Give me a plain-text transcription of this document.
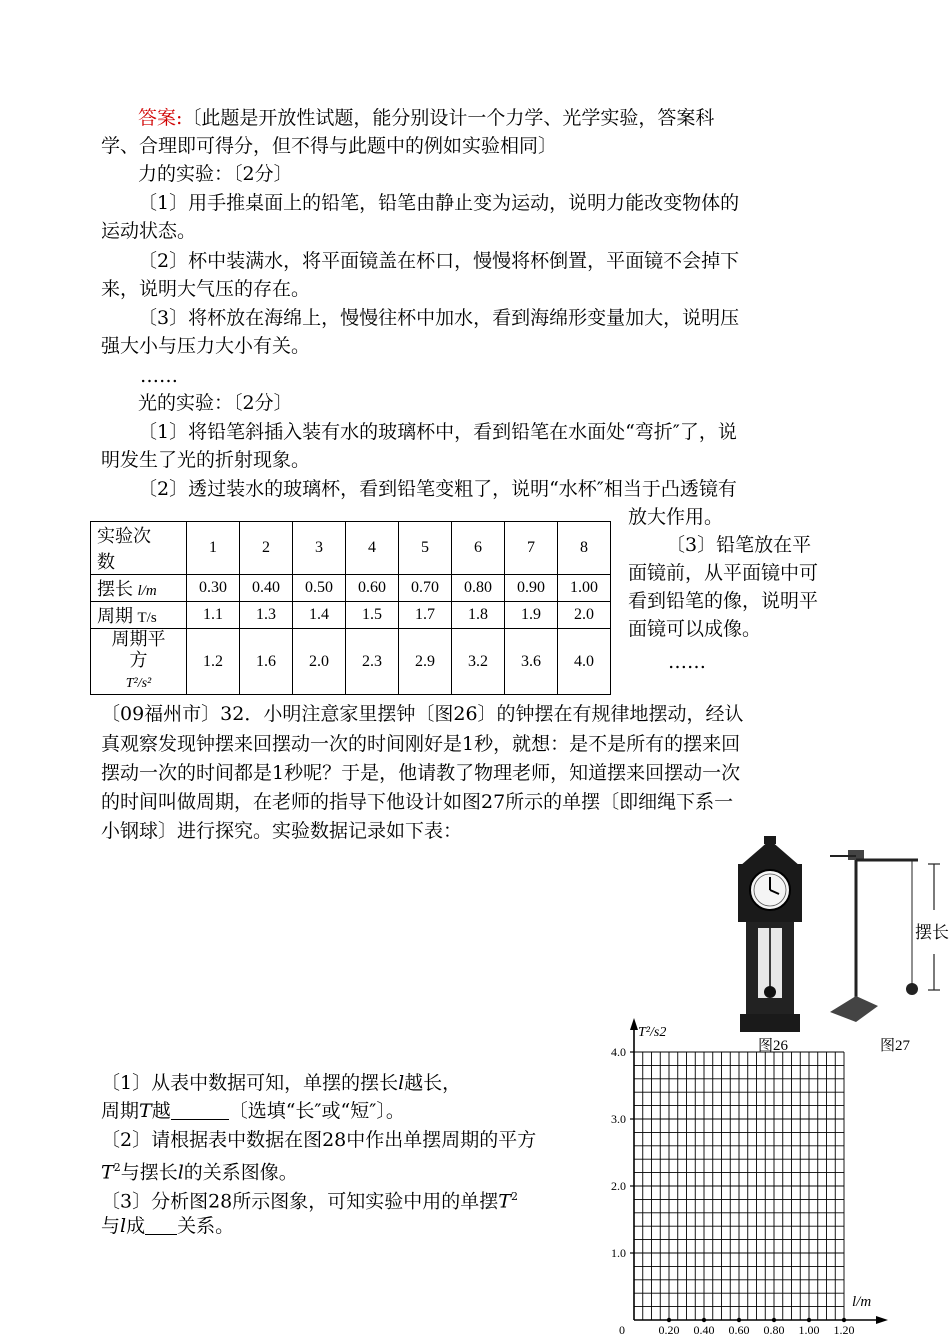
答案:〔此题是开放性试题，能分别设计一个力学、光学实验，答案科
学、合理即可得分，但不得与此题中的例如实验相同〕
力的实验：〔2分〕
〔1〕用手推桌面上的铅笔，铅笔由静止变为运动，说明力能改变物体的
运动状态。
〔2〕杯中装满水，将平面镜盖在杯口，慢慢将杯倒置，平面镜不会掉下
来，说明大气压的存在。
〔3〕将杯放在海绵上，慢慢往杯中加水，看到海绵形变量加大，说明压
强大小与压力大小有关。
……
光的实验：〔2分〕
〔1〕将铅笔斜插入装有水的玻璃杯中，看到铅笔在水面处“弯折″了，说
明发生了光的折射现象。
〔2〕透过装水的玻璃杯，看到铅笔变粗了，说明“水杯″相当于凸透镜有
放大作用。
〔3〕铅笔放在平
面镜前，从平面镜中可
看到铅笔的像，说明平
面镜可以成像。
……
实验次
数	1	2	3	4	5	6	7	8
摆长 l/m	0.30	0.40	0.50	0.60	0.70	0.80	0.90	1.00
周期 T/s	1.1	1.3	1.4	1.5	1.7	1.8	1.9	2.0
周期平
方
T²/s²	1.2	1.6	2.0	2.3	2.9	3.2	3.6	4.0
〔09福州市〕32．小明注意家里摆钟〔图26〕的钟摆在有规律地摆动，经认
真观察发现钟摆来回摆动一次的时间刚好是1秒，就想：是不是所有的摆来回
摆动一次的时间都是1秒呢？于是，他请教了物理老师，知道摆来回摆动一次
的时间叫做周期，在老师的指导下他设计如图27所示的单摆〔即细绳下系一
小钢球〕进行探究。实验数据记录如下表：
〔1〕从表中数据可知，单摆的摆长l越长，
周期T越	〔选填“长″或“短″〕。
〔2〕请根据表中数据在图28中作出单摆周期的平方
$T^2$与摆长l的关系图像。
〔3〕分析图28所示图象，可知实验中用的单摆$T^2$
与l成 关系。
摆长
图26	图27
0.20 0.40 0.60 0.80 1.00 1.20
1.0
2.0
3.0
4.0
T²/s2
l/m
0
